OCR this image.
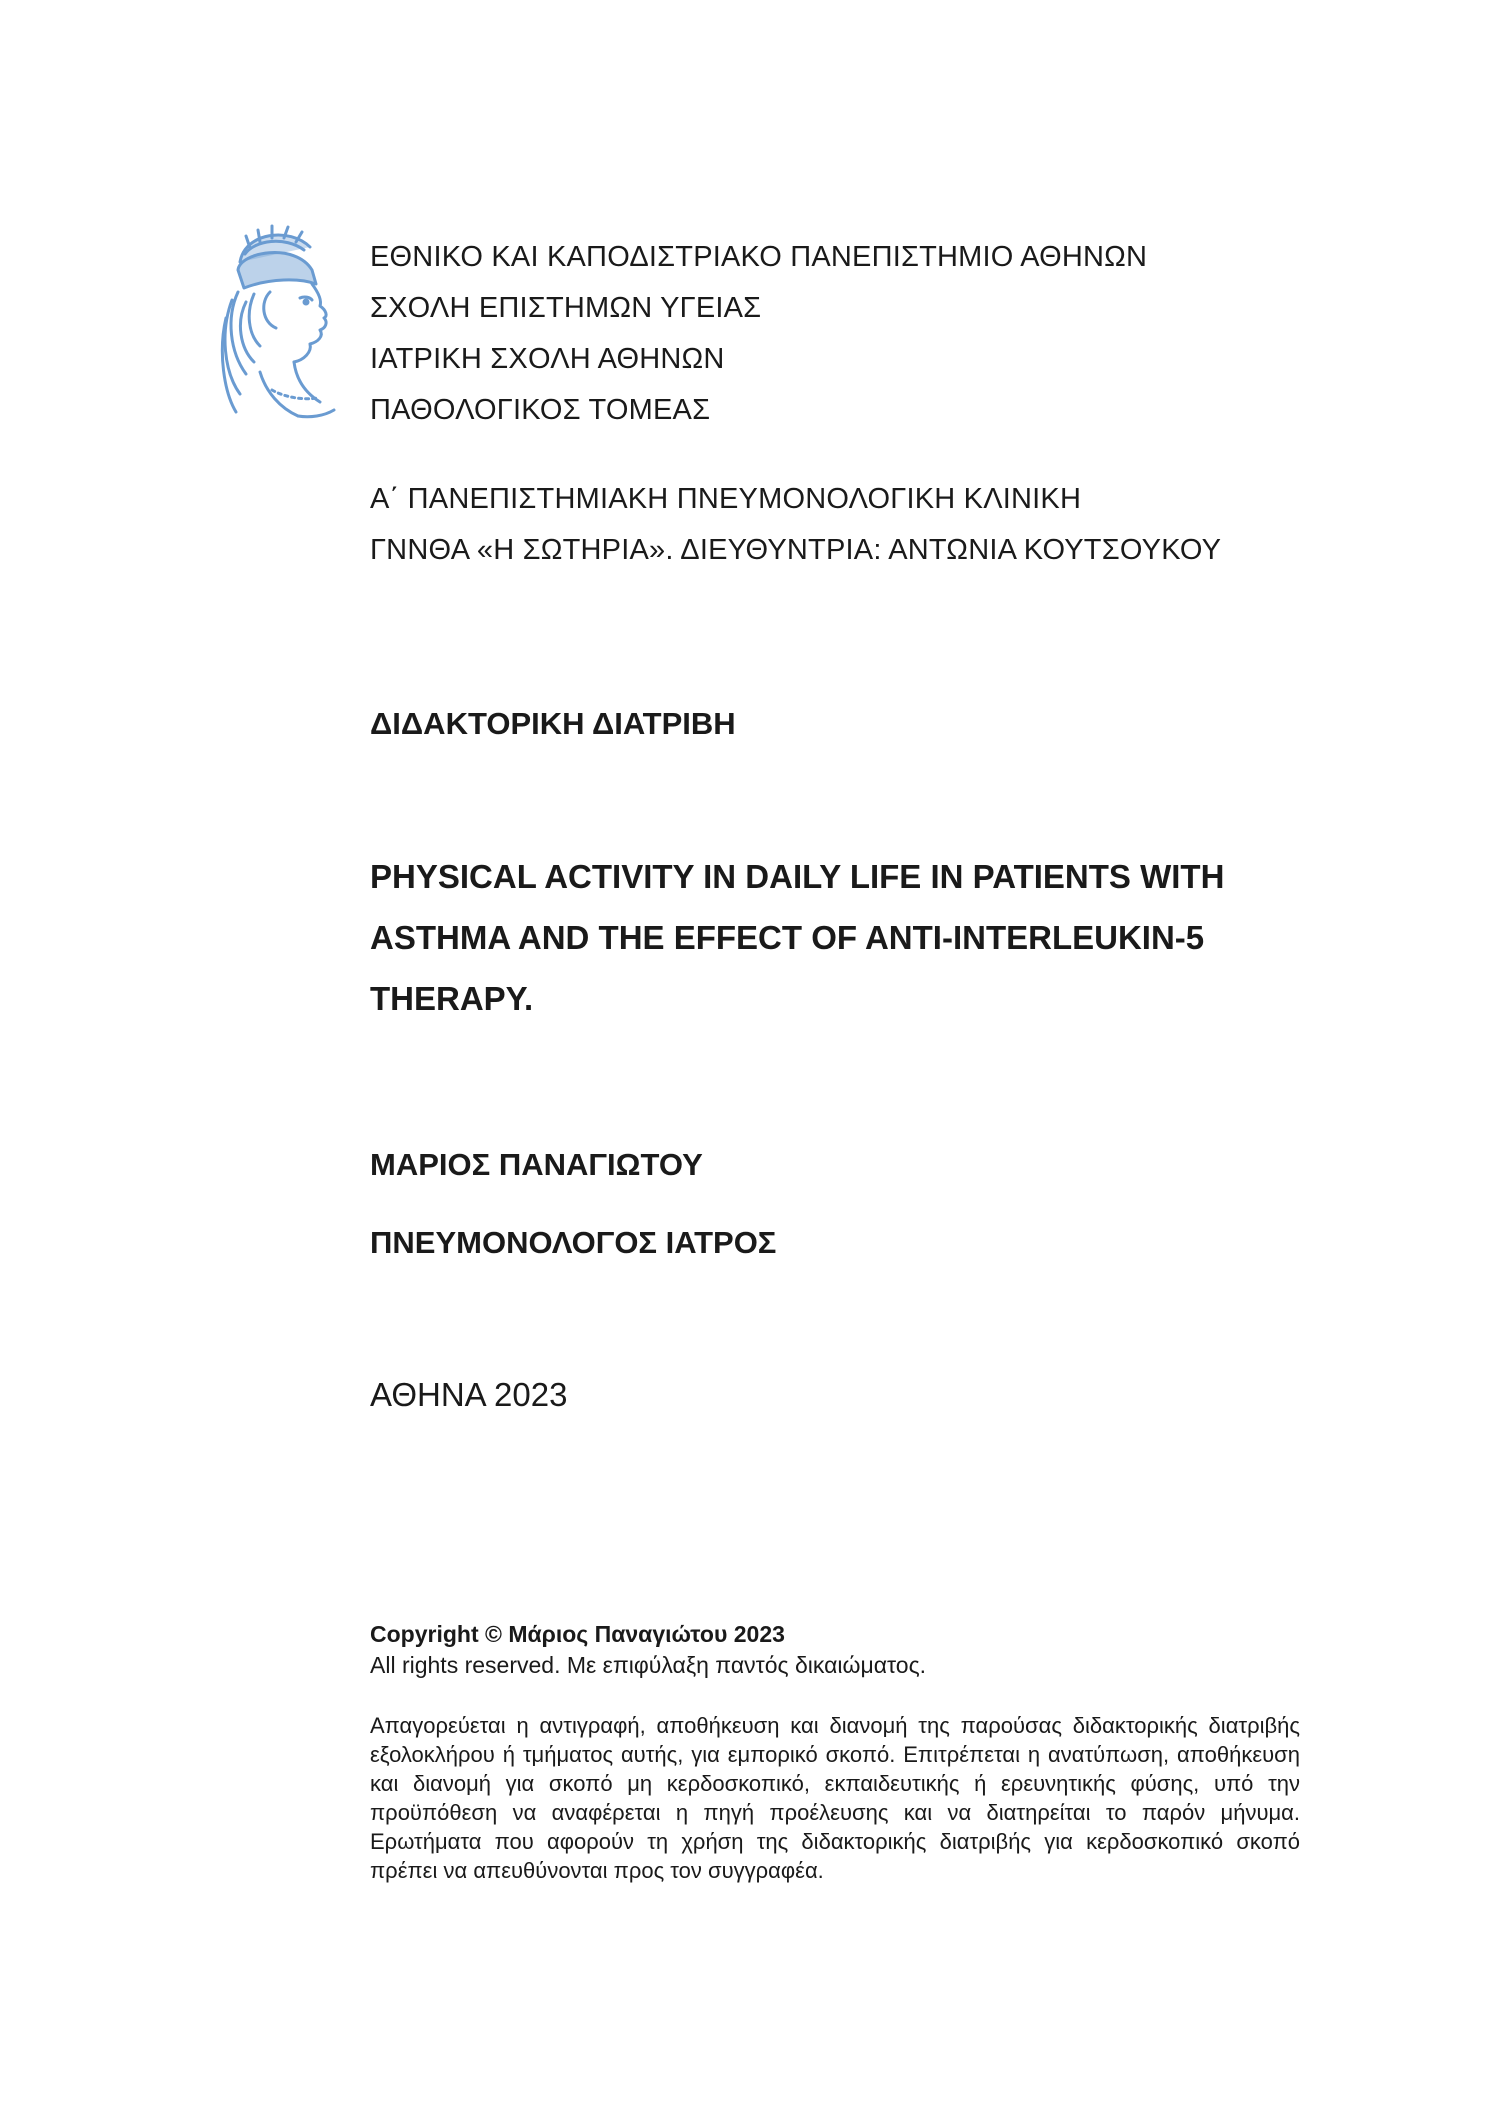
ΕΘΝΙΚΟ ΚΑΙ ΚΑΠΟΔΙΣΤΡΙΑΚΟ ΠΑΝΕΠΙΣΤΗΜΙΟ ΑΘΗΝΩΝ
ΣΧΟΛΗ ΕΠΙΣΤΗΜΩΝ ΥΓΕΙΑΣ
ΙΑΤΡΙΚΗ ΣΧΟΛΗ ΑΘΗΝΩΝ
ΠΑΘΟΛΟΓΙΚΟΣ ΤΟΜΕΑΣ
Α΄ ΠΑΝΕΠΙΣΤΗΜΙΑΚΗ ΠΝΕΥΜΟΝΟΛΟΓΙΚΗ ΚΛΙΝΙΚΗ
ΓΝΝΘΑ «Η ΣΩΤΗΡΙΑ». ΔΙΕΥΘΥΝΤΡΙΑ: ΑΝΤΩΝΙΑ ΚΟΥΤΣΟΥΚΟΥ
ΔΙΔΑΚΤΟΡΙΚΗ ΔΙΑΤΡΙΒΗ
PHYSICAL ACTIVITY IN DAILY LIFE IN PATIENTS WITH ASTHMA AND THE EFFECT OF ANTI-INTERLEUKIN-5 THERAPY.
ΜΑΡΙΟΣ ΠΑΝΑΓΙΩΤΟΥ
ΠΝΕΥΜΟΝΟΛΟΓΟΣ ΙΑΤΡΟΣ
ΑΘΗΝΑ 2023
Copyright © Μάριος Παναγιώτου 2023
All rights reserved. Με επιφύλαξη παντός δικαιώματος.
Απαγορεύεται η αντιγραφή, αποθήκευση και διανομή της παρούσας διδακτορικής διατριβής εξολοκλήρου ή τμήματος αυτής, για εμπορικό σκοπό. Επιτρέπεται η ανατύπωση, αποθήκευση και διανομή για σκοπό μη κερδοσκοπικό, εκπαιδευτικής ή ερευνητικής φύσης, υπό την προϋπόθεση να αναφέρεται η πηγή προέλευσης και να διατηρείται το παρόν μήνυμα. Ερωτήματα που αφορούν τη χρήση της διδακτορικής διατριβής για κερδοσκοπικό σκοπό πρέπει να απευθύνονται προς τον συγγραφέα.
